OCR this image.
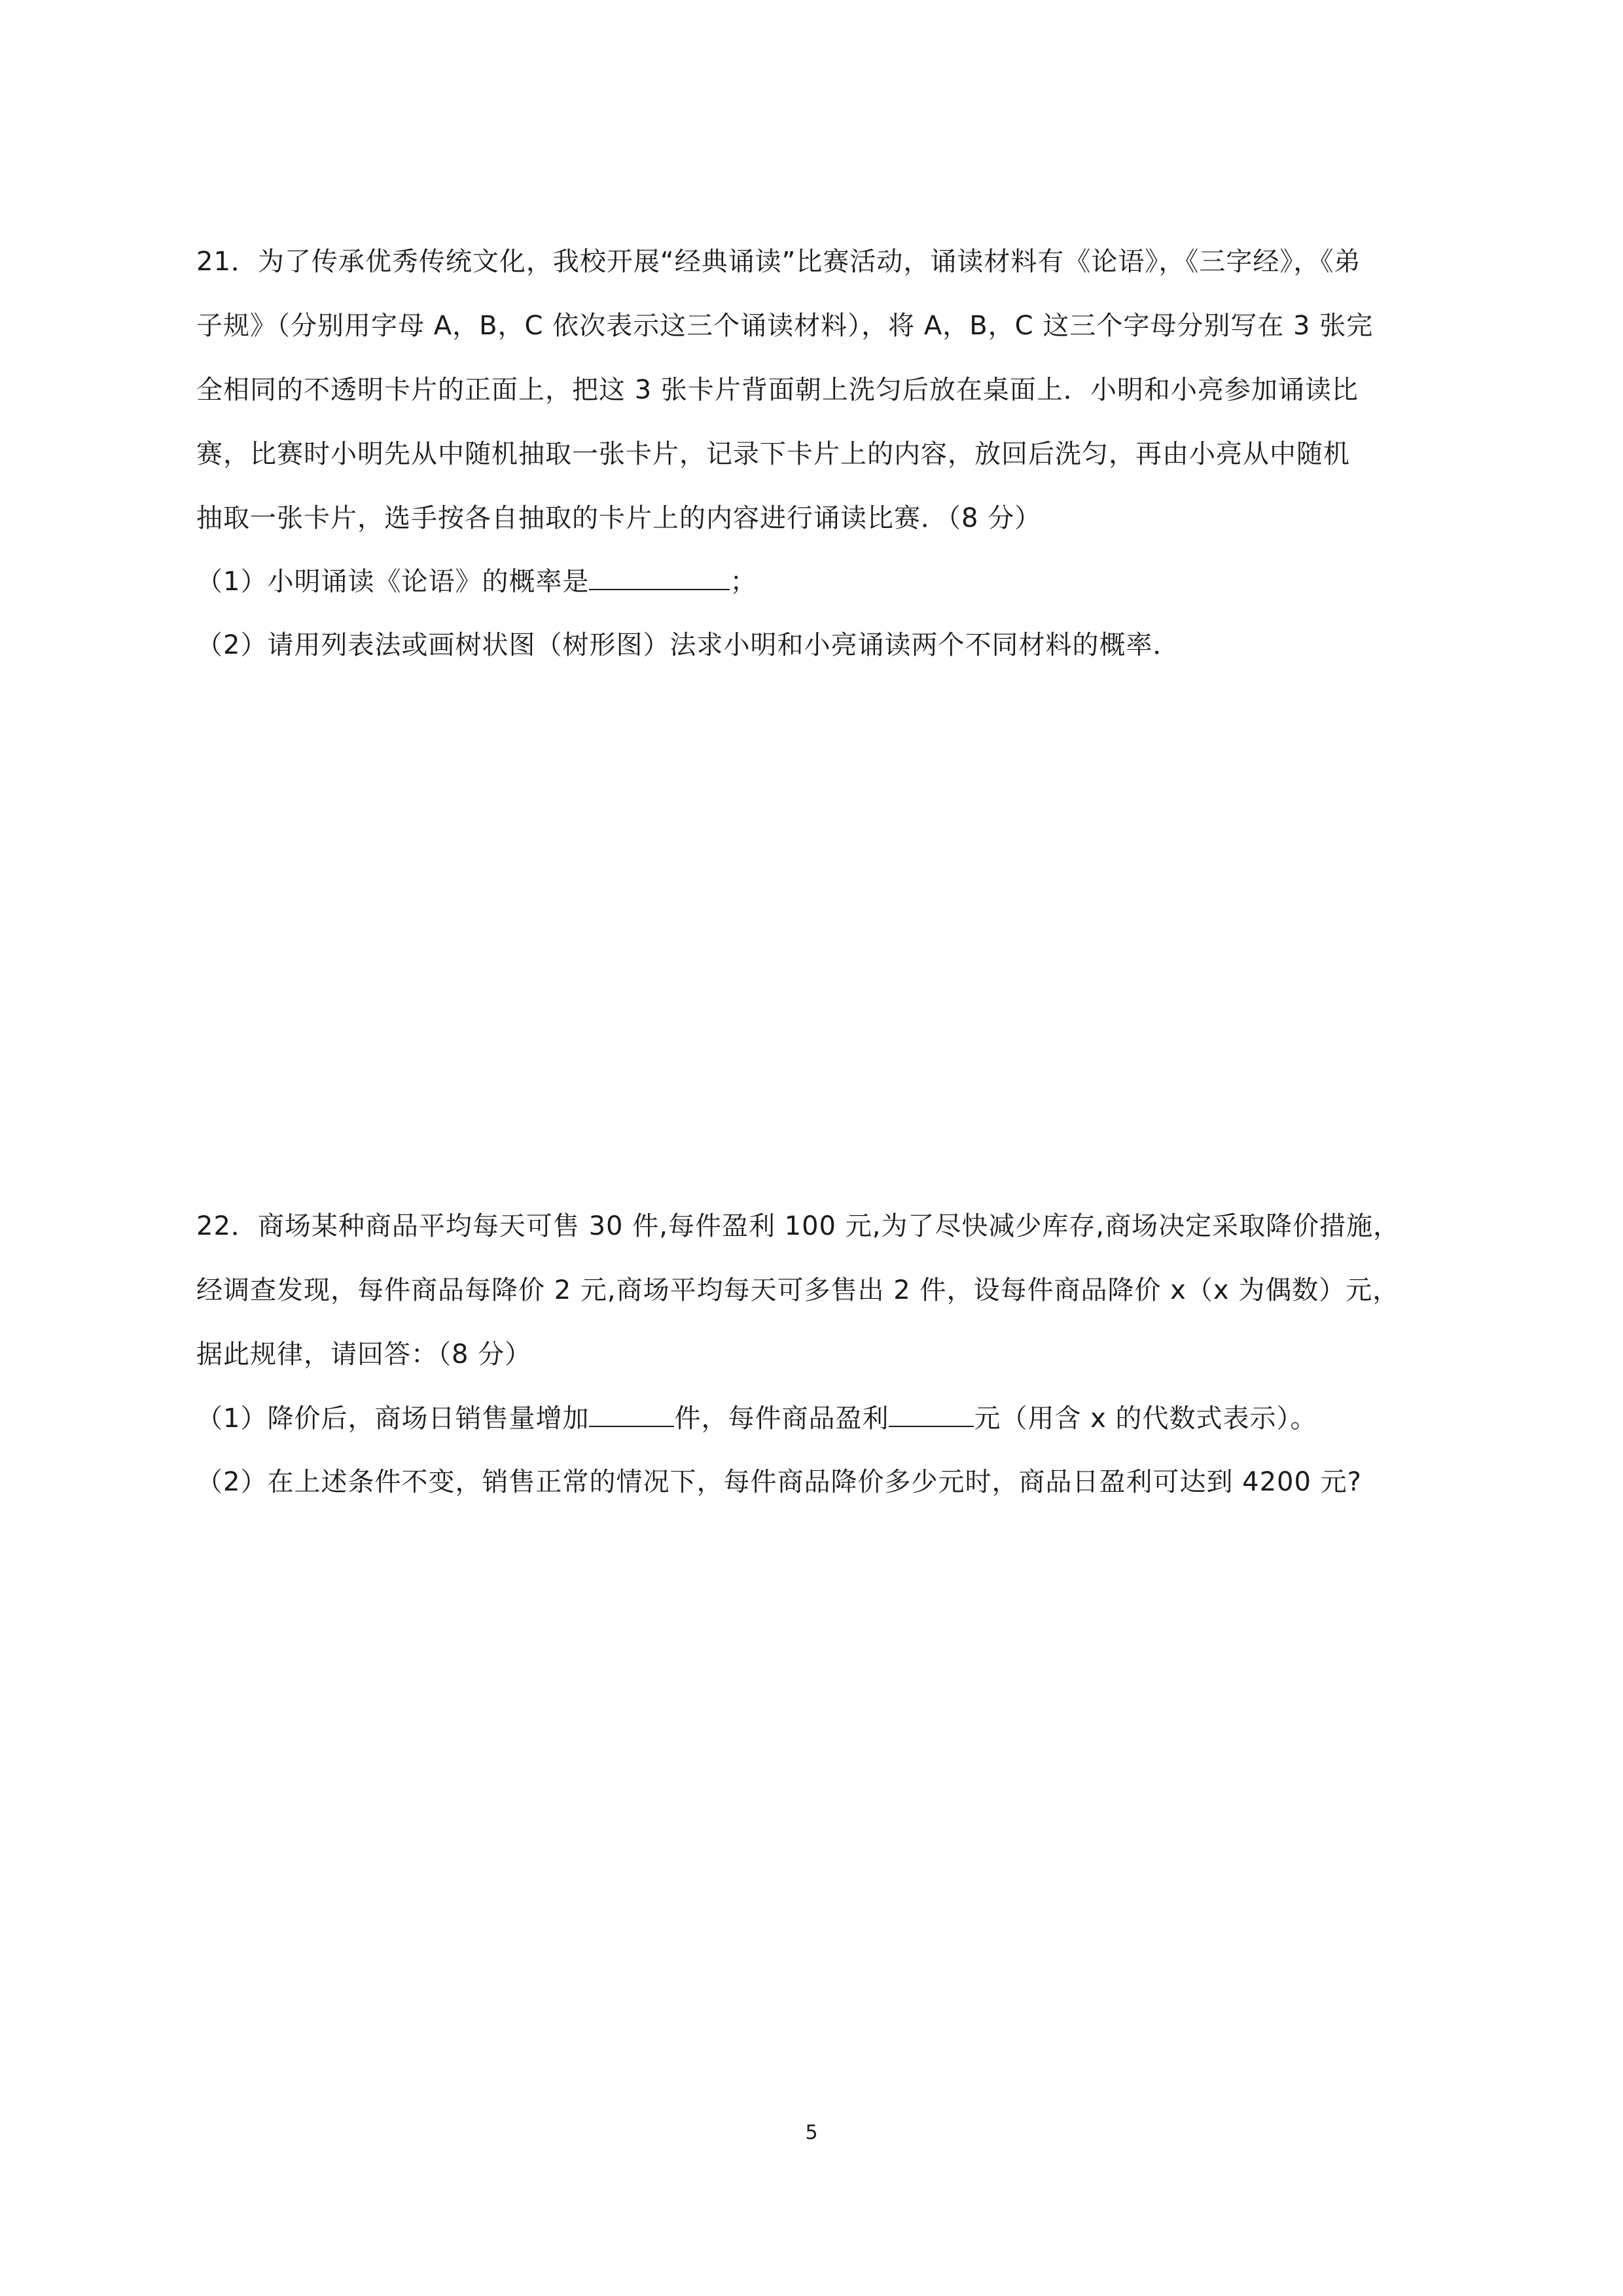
21．为了传承优秀传统文化，我校开展“经典诵读”比赛活动，诵读材料有《论语》，《三字经》，《弟
子规》（分别用字母 A，B，C 依次表示这三个诵读材料），将 A，B，C 这三个字母分别写在 3 张完
全相同的不透明卡片的正面上，把这 3 张卡片背面朝上洗匀后放在桌面上．小明和小亮参加诵读比
赛，比赛时小明先从中随机抽取一张卡片，记录下卡片上的内容，放回后洗匀，再由小亮从中随机
抽取一张卡片，选手按各自抽取的卡片上的内容进行诵读比赛．（8 分）
（1）小明诵读《论语》的概率是	；
（2）请用列表法或画树状图（树形图）法求小明和小亮诵读两个不同材料的概率．
22．商场某种商品平均每天可售 30 件,每件盈利 100 元,为了尽快减少库存,商场决定采取降价措施，
经调查发现，每件商品每降价 2 元,商场平均每天可多售出 2 件，设每件商品降价 x（x 为偶数）元，
据此规律，请回答：（8 分）
（1）降价后，商场日销售量增加	件，每件商品盈利	元（用含 x 的代数式表示）。
（2）在上述条件不变，销售正常的情况下，每件商品降价多少元时，商品日盈利可达到 4200 元?
5
